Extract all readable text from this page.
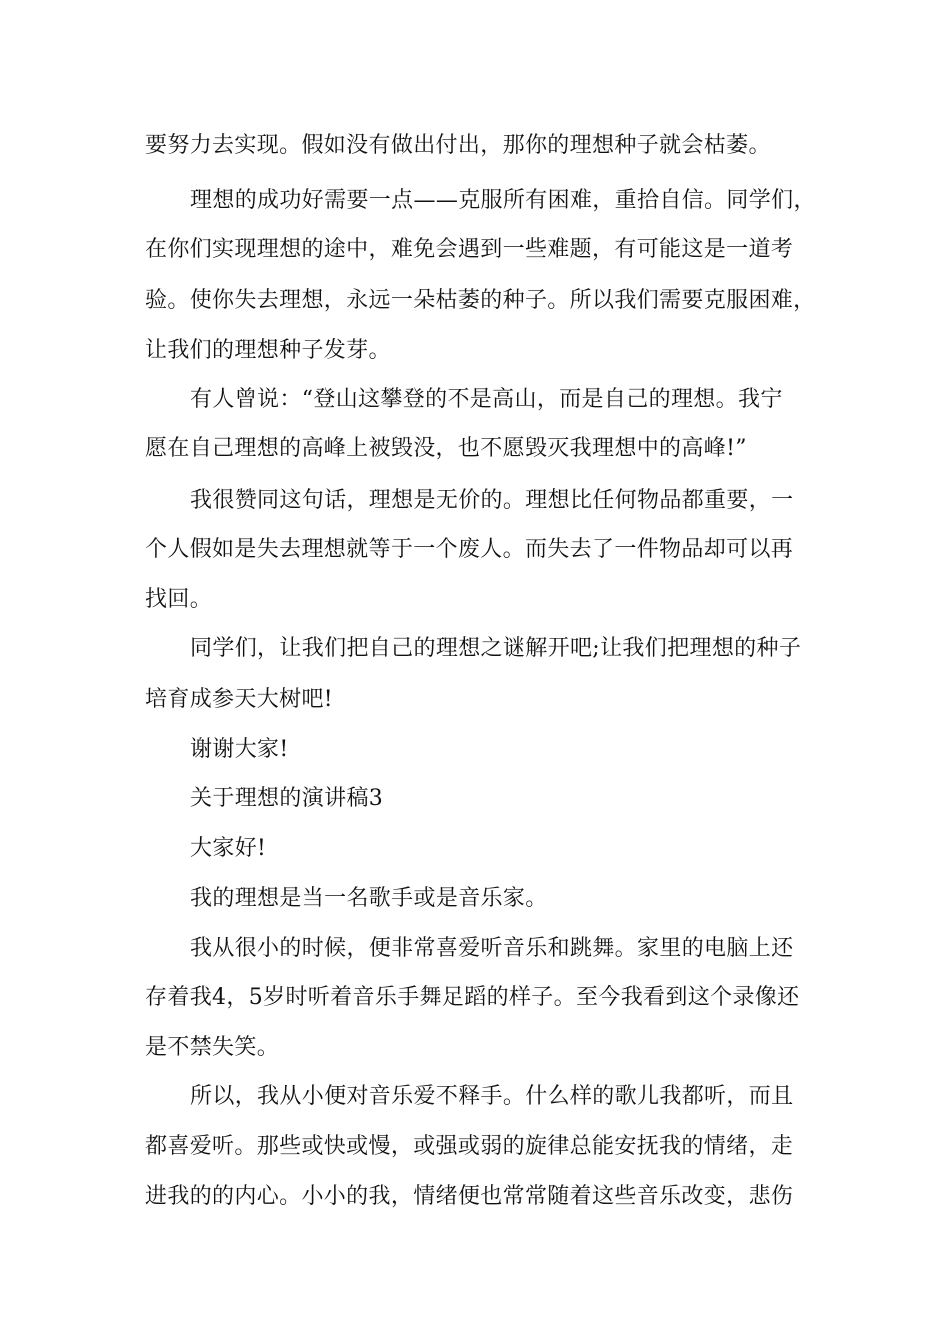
要努力去实现。假如没有做出付出，那你的理想种子就会枯萎。
理想的成功好需要一点——克服所有困难，重拾自信。同学们，
在你们实现理想的途中，难免会遇到一些难题，有可能这是一道考
验。使你失去理想，永远一朵枯萎的种子。所以我们需要克服困难，
让我们的理想种子发芽。
有人曾说：“登山这攀登的不是高山，而是自己的理想。我宁
愿在自己理想的高峰上被毁没，也不愿毁灭我理想中的高峰!”
我很赞同这句话，理想是无价的。理想比任何物品都重要，一
个人假如是失去理想就等于一个废人。而失去了一件物品却可以再
找回。
同学们，让我们把自己的理想之谜解开吧;让我们把理想的种子
培育成参天大树吧!
谢谢大家!
关于理想的演讲稿3
大家好!
我的理想是当一名歌手或是音乐家。
我从很小的时候，便非常喜爱听音乐和跳舞。家里的电脑上还
存着我4，5岁时听着音乐手舞足蹈的样子。至今我看到这个录像还
是不禁失笑。
所以，我从小便对音乐爱不释手。什么样的歌儿我都听，而且
都喜爱听。那些或快或慢，或强或弱的旋律总能安抚我的情绪，走
进我的的内心。小小的我，情绪便也常常随着这些音乐改变，悲伤
